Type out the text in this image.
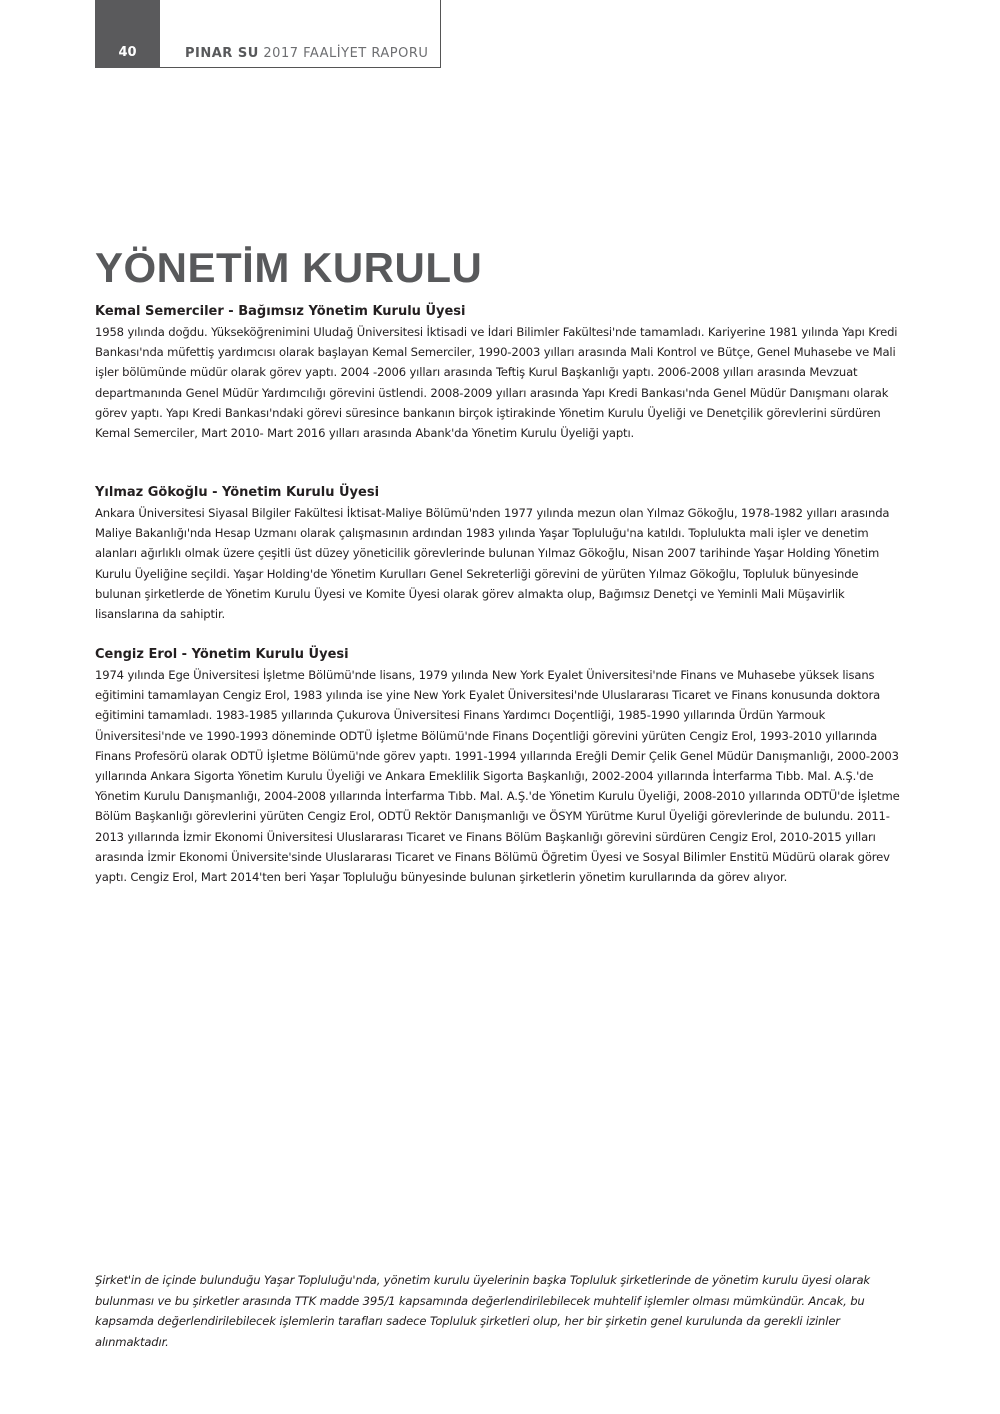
40	PINAR SU 2017 FAALİYET RAPORU
YÖNETİM KURULU
Kemal Semerciler - Bağımsız Yönetim Kurulu Üyesi

1958 yılında doğdu. Yükseköğrenimini Uludağ Üniversitesi İktisadi ve İdari Bilimler Fakültesi'nde tamamladı. Kariyerine 1981 yılında Yapı Kredi Bankası'nda müfettiş yardımcısı olarak başlayan Kemal Semerciler, 1990-2003 yılları arasında Mali Kontrol ve Bütçe, Genel Muhasebe ve Mali işler bölümünde müdür olarak görev yaptı. 2004 -2006 yılları arasında Teftiş Kurul Başkanlığı yaptı. 2006-2008 yılları arasında Mevzuat departmanında Genel Müdür Yardımcılığı görevini üstlendi. 2008-2009 yılları arasında Yapı Kredi Bankası'nda Genel Müdür Danışmanı olarak görev yaptı. Yapı Kredi Bankası'ndaki görevi süresince bankanın birçok iştirakinde Yönetim Kurulu Üyeliği ve Denetçilik görevlerini sürdüren Kemal Semerciler, Mart 2010- Mart 2016 yılları arasında Abank'da Yönetim Kurulu Üyeliği yaptı.

Yılmaz Gökoğlu - Yönetim Kurulu Üyesi

Ankara Üniversitesi Siyasal Bilgiler Fakültesi İktisat-Maliye Bölümü'nden 1977 yılında mezun olan Yılmaz Gökoğlu, 1978-1982 yılları arasında Maliye Bakanlığı'nda Hesap Uzmanı olarak çalışmasının ardından 1983 yılında Yaşar Topluluğu'na katıldı. Toplulukta mali işler ve denetim alanları ağırlıklı olmak üzere çeşitli üst düzey yöneticilik görevlerinde bulunan Yılmaz Gökoğlu, Nisan 2007 tarihinde Yaşar Holding Yönetim Kurulu Üyeliğine seçildi. Yaşar Holding'de Yönetim Kurulları Genel Sekreterliği görevini de yürüten Yılmaz Gökoğlu, Topluluk bünyesinde bulunan şirketlerde de Yönetim Kurulu Üyesi ve Komite Üyesi olarak görev almakta olup, Bağımsız Denetçi ve Yeminli Mali Müşavirlik lisanslarına da sahiptir.

Cengiz Erol - Yönetim Kurulu Üyesi

1974 yılında Ege Üniversitesi İşletme Bölümü'nde lisans, 1979 yılında New York Eyalet Üniversitesi'nde Finans ve Muhasebe yüksek lisans eğitimini tamamlayan Cengiz Erol, 1983 yılında ise yine New York Eyalet Üniversitesi'nde Uluslararası Ticaret ve Finans konusunda doktora eğitimini tamamladı. 1983-1985 yıllarında Çukurova Üniversitesi Finans Yardımcı Doçentliği, 1985-1990 yıllarında Ürdün Yarmouk Üniversitesi'nde ve 1990-1993 döneminde ODTÜ İşletme Bölümü'nde Finans Doçentliği görevini yürüten Cengiz Erol, 1993-2010 yıllarında Finans Profesörü olarak ODTÜ İşletme Bölümü'nde görev yaptı. 1991-1994 yıllarında Ereğli Demir Çelik Genel Müdür Danışmanlığı, 2000-2003 yıllarında Ankara Sigorta Yönetim Kurulu Üyeliği ve Ankara Emeklilik Sigorta Başkanlığı, 2002-2004 yıllarında İnterfarma Tıbb. Mal. A.Ş.'de Yönetim Kurulu Danışmanlığı, 2004-2008 yıllarında İnterfarma Tıbb. Mal. A.Ş.'de Yönetim Kurulu Üyeliği, 2008-2010 yıllarında ODTÜ'de İşletme Bölüm Başkanlığı görevlerini yürüten Cengiz Erol, ODTÜ Rektör Danışmanlığı ve ÖSYM Yürütme Kurul Üyeliği görevlerinde de bulundu. 2011-2013 yıllarında İzmir Ekonomi Üniversitesi Uluslararası Ticaret ve Finans Bölüm Başkanlığı görevini sürdüren Cengiz Erol, 2010-2015 yılları arasında İzmir Ekonomi Üniversite'sinde Uluslararası Ticaret ve Finans Bölümü Öğretim Üyesi ve Sosyal Bilimler Enstitü Müdürü olarak görev yaptı. Cengiz Erol, Mart 2014'ten beri Yaşar Topluluğu bünyesinde bulunan şirketlerin yönetim kurullarında da görev alıyor.

Şirket'in de içinde bulunduğu Yaşar Topluluğu'nda, yönetim kurulu üyelerinin başka Topluluk şirketlerinde de yönetim kurulu üyesi olarak bulunması ve bu şirketler arasında TTK madde 395/1 kapsamında değerlendirilebilecek muhtelif işlemler olması mümkündür. Ancak, bu kapsamda değerlendirilebilecek işlemlerin tarafları sadece Topluluk şirketleri olup, her bir şirketin genel kurulunda da gerekli izinler alınmaktadır.
